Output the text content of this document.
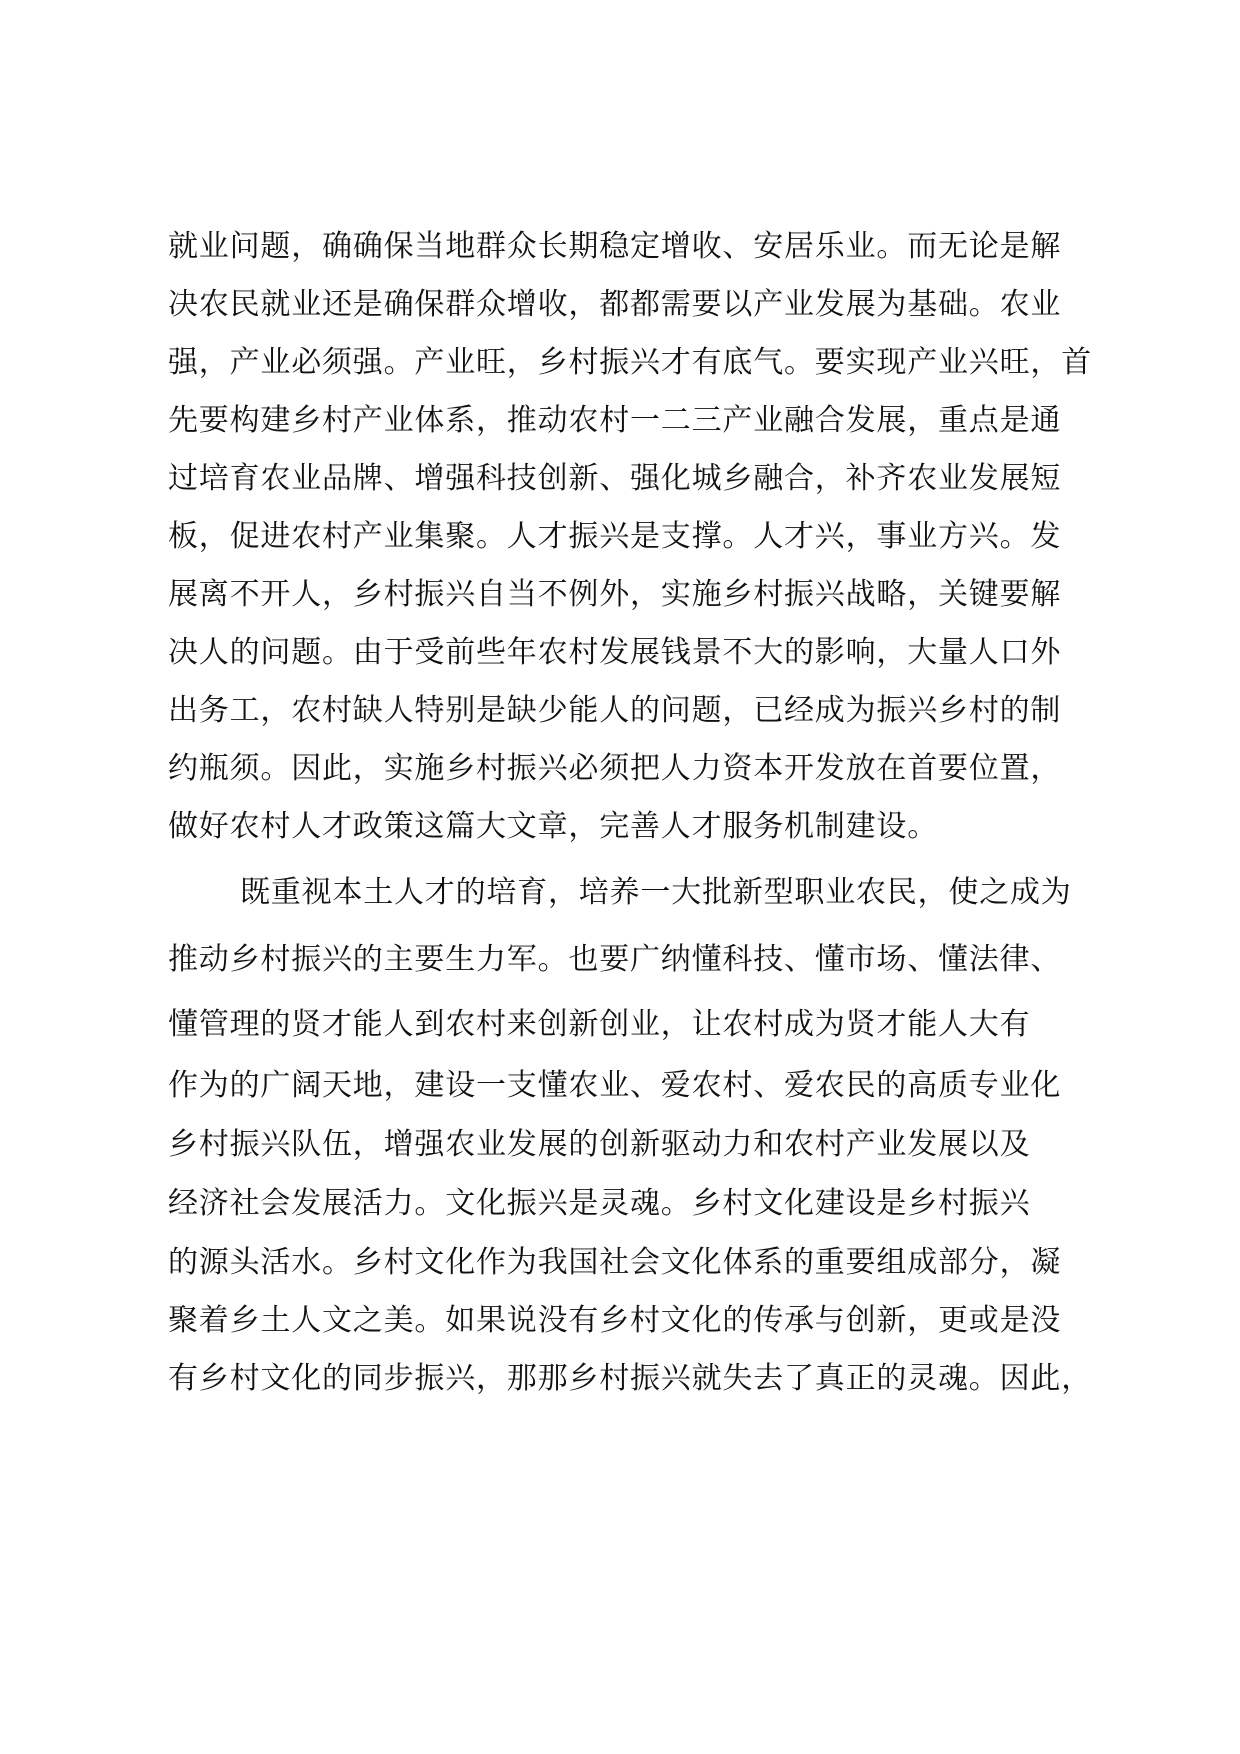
就业问题，确确保当地群众长期稳定增收、安居乐业。而无论是解
决农民就业还是确保群众增收，都都需要以产业发展为基础。农业
强，产业必须强。产业旺，乡村振兴才有底气。要实现产业兴旺，首
先要构建乡村产业体系，推动农村一二三产业融合发展，重点是通
过培育农业品牌、增强科技创新、强化城乡融合，补齐农业发展短
板，促进农村产业集聚。人才振兴是支撑。人才兴，事业方兴。发
展离不开人，乡村振兴自当不例外，实施乡村振兴战略，关键要解
决人的问题。由于受前些年农村发展钱景不大的影响，大量人口外
出务工，农村缺人特别是缺少能人的问题，已经成为振兴乡村的制
约瓶须。因此，实施乡村振兴必须把人力资本开发放在首要位置，
做好农村人才政策这篇大文章，完善人才服务机制建设。
既重视本土人才的培育，培养一大批新型职业农民，使之成为
推动乡村振兴的主要生力军。也要广纳懂科技、懂市场、懂法律、
懂管理的贤才能人到农村来创新创业，让农村成为贤才能人大有
作为的广阔天地，建设一支懂农业、爱农村、爱农民的高质专业化
乡村振兴队伍，增强农业发展的创新驱动力和农村产业发展以及
经济社会发展活力。文化振兴是灵魂。乡村文化建设是乡村振兴
的源头活水。乡村文化作为我国社会文化体系的重要组成部分，凝
聚着乡土人文之美。如果说没有乡村文化的传承与创新，更或是没
有乡村文化的同步振兴，那那乡村振兴就失去了真正的灵魂。因此，
